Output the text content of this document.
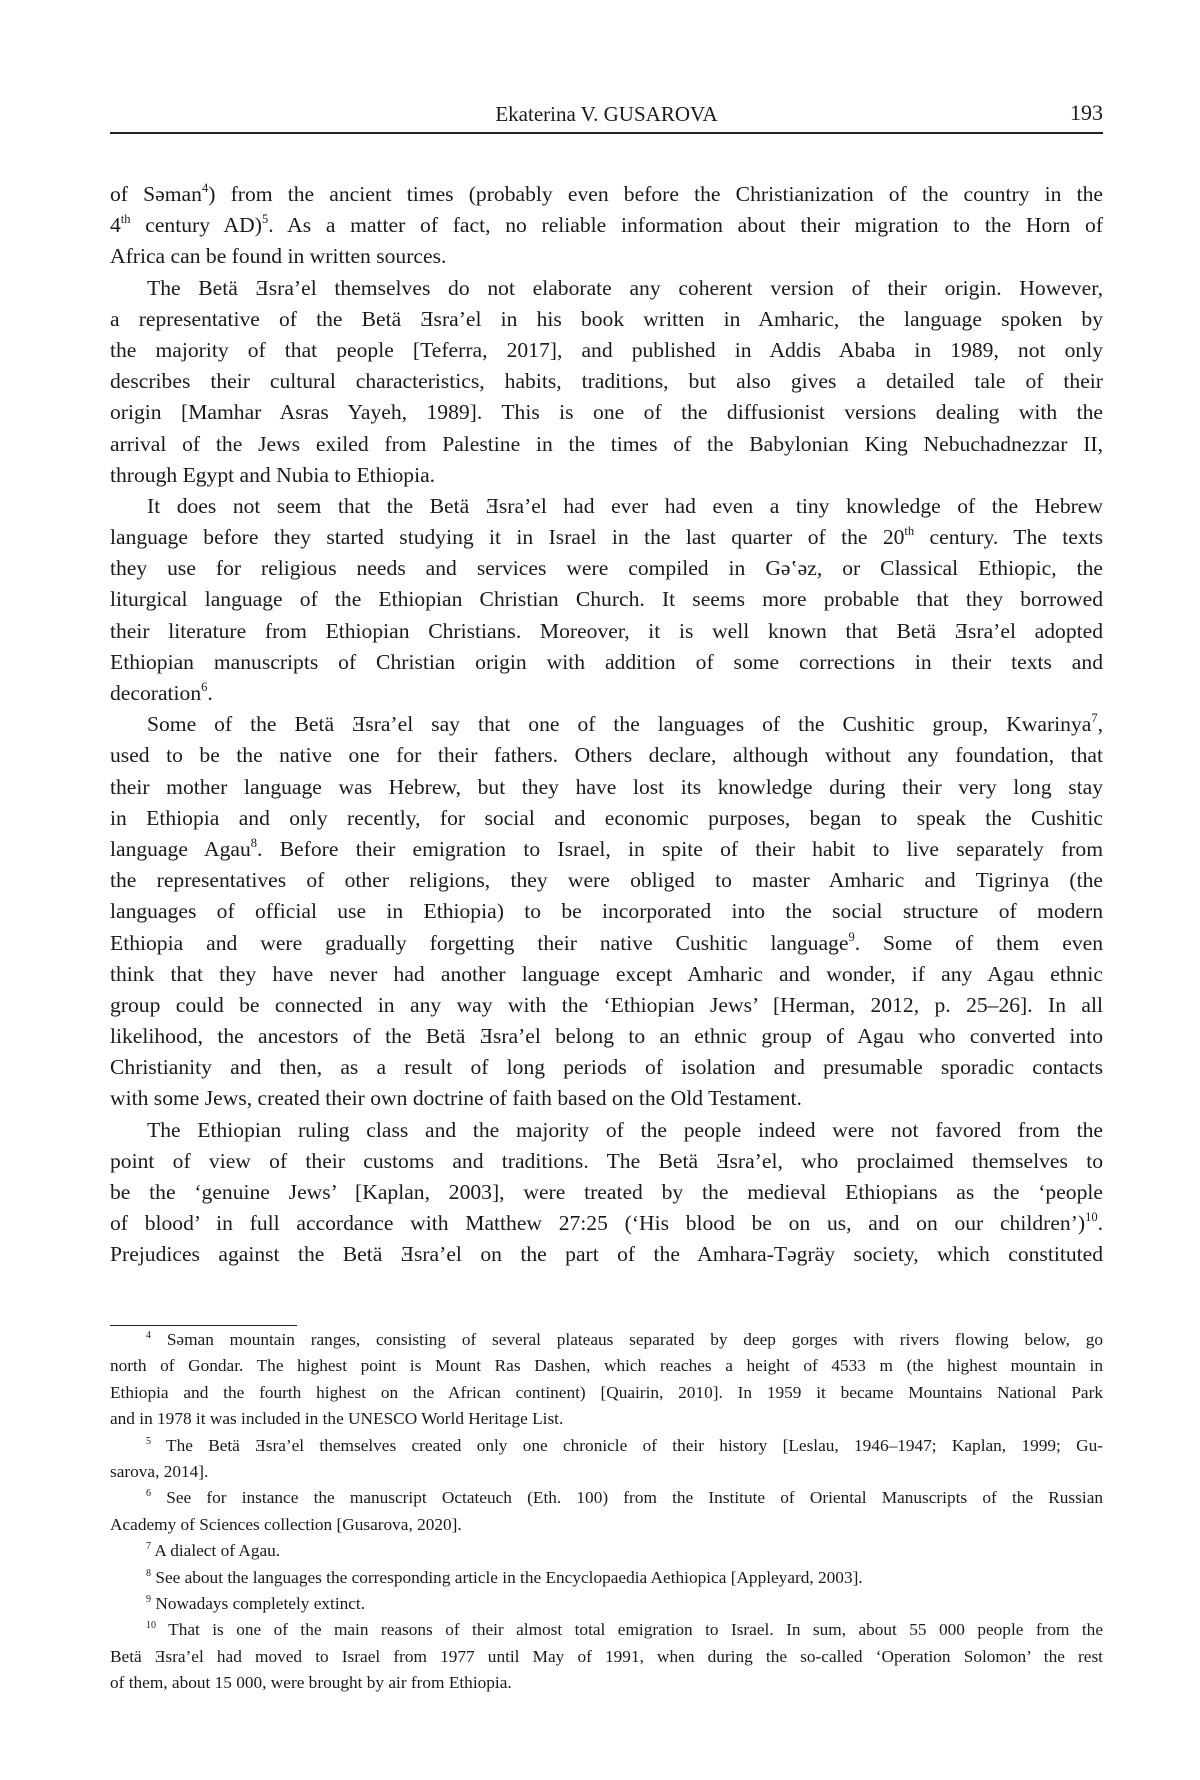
Ekaterina V. GUSAROVA	193
of Səman4) from the ancient times (probably even before the Christianization of the country in the
4th century AD)5. As a matter of fact, no reliable information about their migration to the Horn of
Africa can be found in written sources.
The Betä Ǝsra’el themselves do not elaborate any coherent version of their origin. However,
a representative of the Betä Ǝsra’el in his book written in Amharic, the language spoken by
the majority of that people [Teferra, 2017], and published in Addis Ababa in 1989, not only
describes their cultural characteristics, habits, traditions, but also gives a detailed tale of their
origin [Mamhar Asras Yayeh, 1989]. This is one of the diffusionist versions dealing with the
arrival of the Jews exiled from Palestine in the times of the Babylonian King Nebuchadnezzar II,
through Egypt and Nubia to Ethiopia.
It does not seem that the Betä Ǝsra’el had ever had even a tiny knowledge of the Hebrew
language before they started studying it in Israel in the last quarter of the 20th century. The texts
they use for religious needs and services were compiled in Gəʽəz, or Classical Ethiopic, the
liturgical language of the Ethiopian Christian Church. It seems more probable that they borrowed
their literature from Ethiopian Christians. Moreover, it is well known that Betä Ǝsra’el adopted
Ethiopian manuscripts of Christian origin with addition of some corrections in their texts and
decoration6.
Some of the Betä Ǝsra’el say that one of the languages of the Cushitic group, Kwarinya7,
used to be the native one for their fathers. Others declare, although without any foundation, that
their mother language was Hebrew, but they have lost its knowledge during their very long stay
in Ethiopia and only recently, for social and economic purposes, began to speak the Cushitic
language Agau8. Before their emigration to Israel, in spite of their habit to live separately from
the representatives of other religions, they were obliged to master Amharic and Tigrinya (the
languages of official use in Ethiopia) to be incorporated into the social structure of modern
Ethiopia and were gradually forgetting their native Cushitic language9. Some of them even
think that they have never had another language except Amharic and wonder, if any Agau ethnic
group could be connected in any way with the ‘Ethiopian Jews’ [Herman, 2012, p. 25–26]. In all
likelihood, the ancestors of the Betä Ǝsra’el belong to an ethnic group of Agau who converted into
Christianity and then, as a result of long periods of isolation and presumable sporadic contacts
with some Jews, created their own doctrine of faith based on the Old Testament.
The Ethiopian ruling class and the majority of the people indeed were not favored from the
point of view of their customs and traditions. The Betä Ǝsra’el, who proclaimed themselves to
be the ‘genuine Jews’ [Kaplan, 2003], were treated by the medieval Ethiopians as the ‘people
of blood’ in full accordance with Matthew 27:25 (‘His blood be on us, and on our children’)10.
Prejudices against the Betä Ǝsra’el on the part of the Amhara-Təgräy society, which constituted
4 Səman mountain ranges, consisting of several plateaus separated by deep gorges with rivers flowing below, go
north of Gondar. The highest point is Mount Ras Dashen, which reaches a height of 4533 m (the highest mountain in
Ethiopia and the fourth highest on the African continent) [Quairin, 2010]. In 1959 it became Mountains National Park
and in 1978 it was included in the UNESCO World Heritage List.
5 The Betä Ǝsra’el themselves created only one chronicle of their history [Leslau, 1946–1947; Kaplan, 1999; Gu-
sarova, 2014].
6 See for instance the manuscript Octateuch (Eth. 100) from the Institute of Oriental Manuscripts of the Russian
Academy of Sciences collection [Gusarova, 2020].
7 A dialect of Agau.
8 See about the languages the corresponding article in the Encyclopaedia Aethiopica [Appleyard, 2003].
9 Nowadays completely extinct.
10 That is one of the main reasons of their almost total emigration to Israel. In sum, about 55 000 people from the
Betä Ǝsra’el had moved to Israel from 1977 until May of 1991, when during the so-called ‘Operation Solomon’ the rest
of them, about 15 000, were brought by air from Ethiopia.
